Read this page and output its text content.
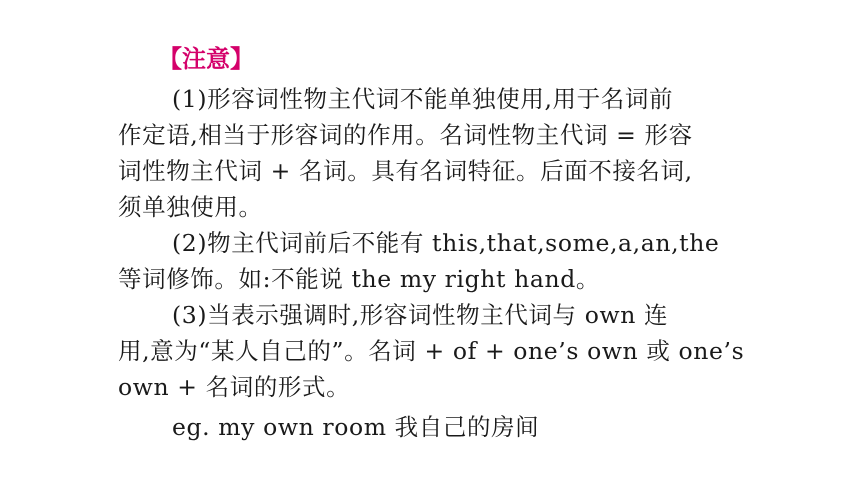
【注意】
(1)形容词性物主代词不能单独使用,用于名词前
作定语,相当于形容词的作用。名词性物主代词 = 形容
词性物主代词 + 名词。具有名词特征。后面不接名词,
须单独使用。
(2)物主代词前后不能有 this,that,some,a,an,the
等词修饰。如:不能说 the my right hand。
(3)当表示强调时,形容词性物主代词与 own 连
用,意为“某人自己的”。名词 + of + one’s own 或 one’s
own + 名词的形式。
eg. my own room 我自己的房间
